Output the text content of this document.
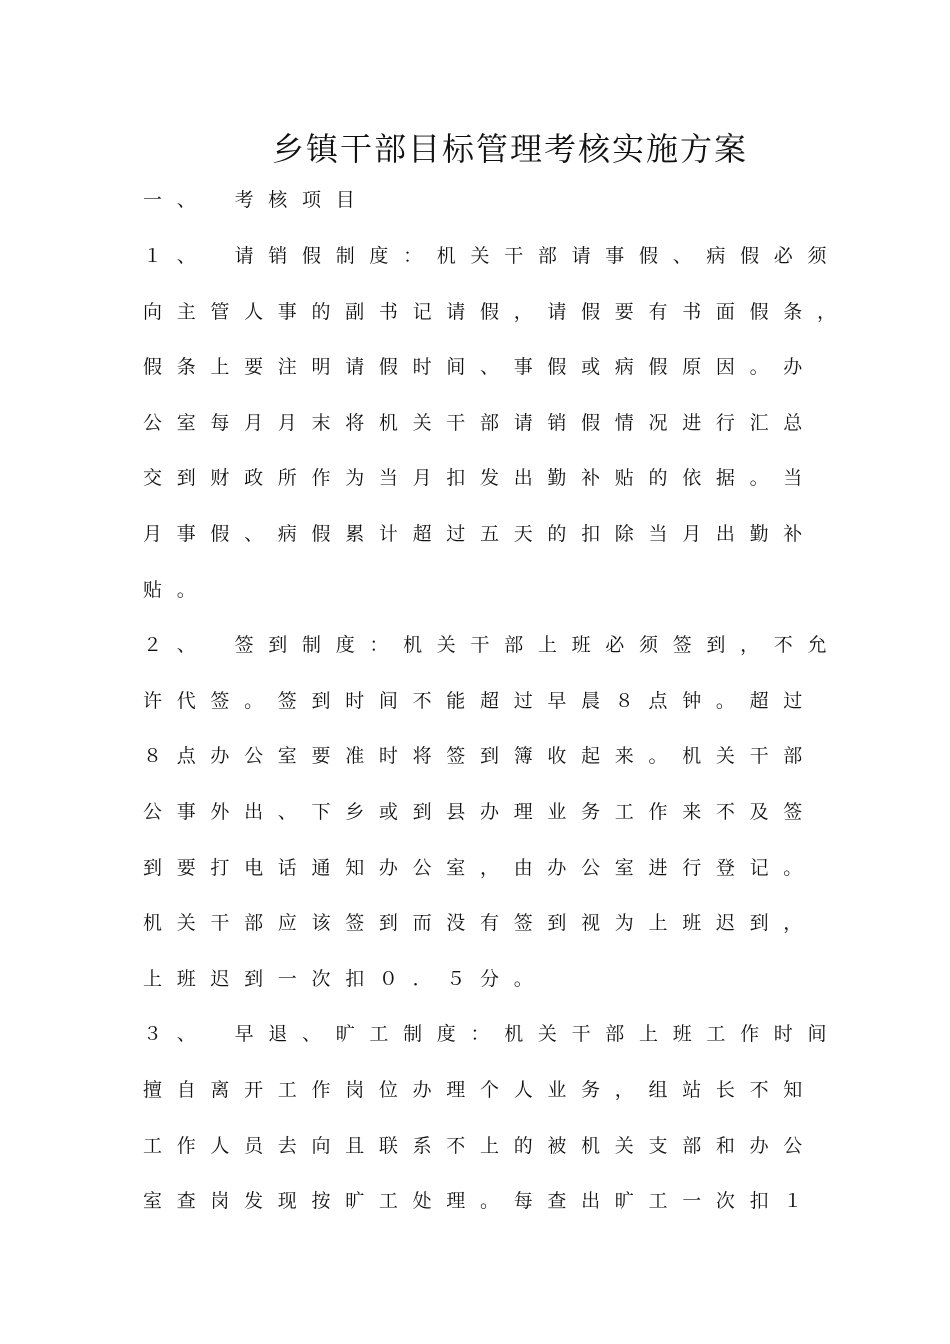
乡镇干部目标管理考核实施方案
一、　考核项目
１、　请销假制度：机关干部请事假、病假必须
向主管人事的副书记请假，请假要有书面假条，
假条上要注明请假时间、事假或病假原因。办
公室每月月末将机关干部请销假情况进行汇总
交到财政所作为当月扣发出勤补贴的依据。当
月事假、病假累计超过五天的扣除当月出勤补
贴。
２、　签到制度：机关干部上班必须签到，不允
许代签。签到时间不能超过早晨８点钟。超过
８点办公室要准时将签到簿收起来。机关干部
公事外出、下乡或到县办理业务工作来不及签
到要打电话通知办公室，由办公室进行登记。
机关干部应该签到而没有签到视为上班迟到，
上班迟到一次扣０．５分。
３、　早退、旷工制度：机关干部上班工作时间
擅自离开工作岗位办理个人业务，组站长不知
工作人员去向且联系不上的被机关支部和办公
室查岗发现按旷工处理。每查出旷工一次扣１
